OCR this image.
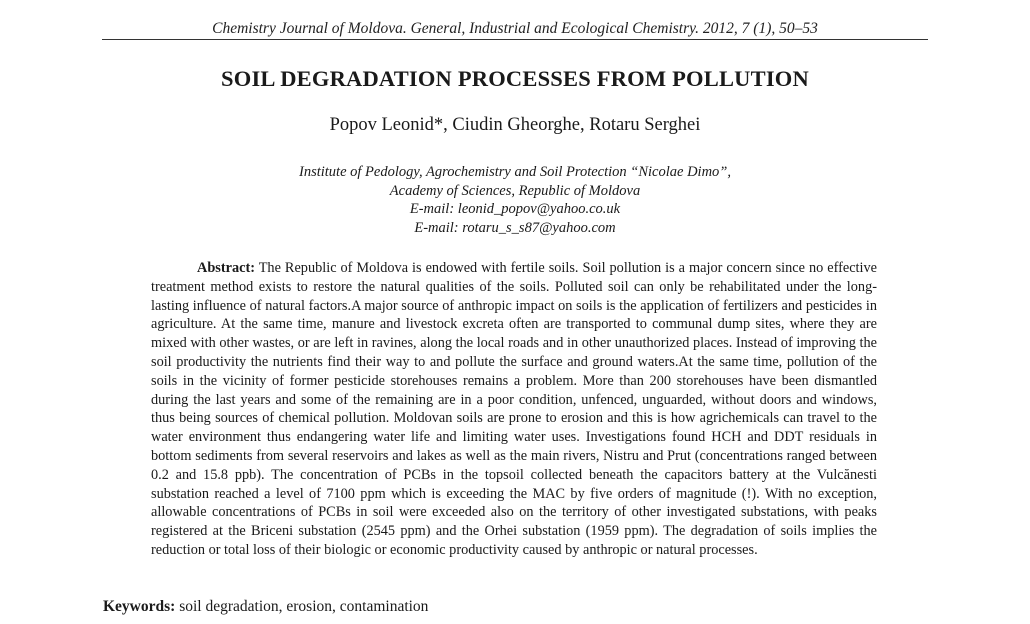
Chemistry Journal of Moldova. General, Industrial and Ecological Chemistry. 2012, 7 (1), 50–53
SOIL DEGRADATION PROCESSES FROM POLLUTION
Popov Leonid*, Ciudin Gheorghe, Rotaru Serghei
Institute of Pedology, Agrochemistry and Soil Protection “Nicolae Dimo”,
Academy of Sciences, Republic of Moldova
E-mail: leonid_popov@yahoo.co.uk
E-mail: rotaru_s_s87@yahoo.com
Abstract: The Republic of Moldova is endowed with fertile soils. Soil pollution is a major concern since no effective treatment method exists to restore the natural qualities of the soils. Polluted soil can only be rehabilitated under the long-lasting influence of natural factors.A major source of anthropic impact on soils is the application of fertilizers and pesticides in agriculture. At the same time, manure and livestock excreta often are transported to communal dump sites, where they are mixed with other wastes, or are left in ravines, along the local roads and in other unauthorized places. Instead of improving the soil productivity the nutrients find their way to and pollute the surface and ground waters.At the same time, pollution of the soils in the vicinity of former pesticide storehouses remains a problem. More than 200 storehouses have been dismantled during the last years and some of the remaining are in a poor condition, unfenced, unguarded, without doors and windows, thus being sources of chemical pollution. Moldovan soils are prone to erosion and this is how agrichemicals can travel to the water environment thus endangering water life and limiting water uses. Investigations found HCH and DDT residuals in bottom sediments from several reservoirs and lakes as well as the main rivers, Nistru and Prut (concentrations ranged between 0.2 and 15.8 ppb). The concentration of PCBs in the topsoil collected beneath the capacitors battery at the Vulcănesti substation reached a level of 7100 ppm which is exceeding the MAC by five orders of magnitude (!). With no exception, allowable concentrations of PCBs in soil were exceeded also on the territory of other investigated substations, with peaks registered at the Briceni substation (2545 ppm) and the Orhei substation (1959 ppm). The degradation of soils implies the reduction or total loss of their biologic or economic productivity caused by anthropic or natural processes.
Keywords: soil degradation, erosion, contamination
